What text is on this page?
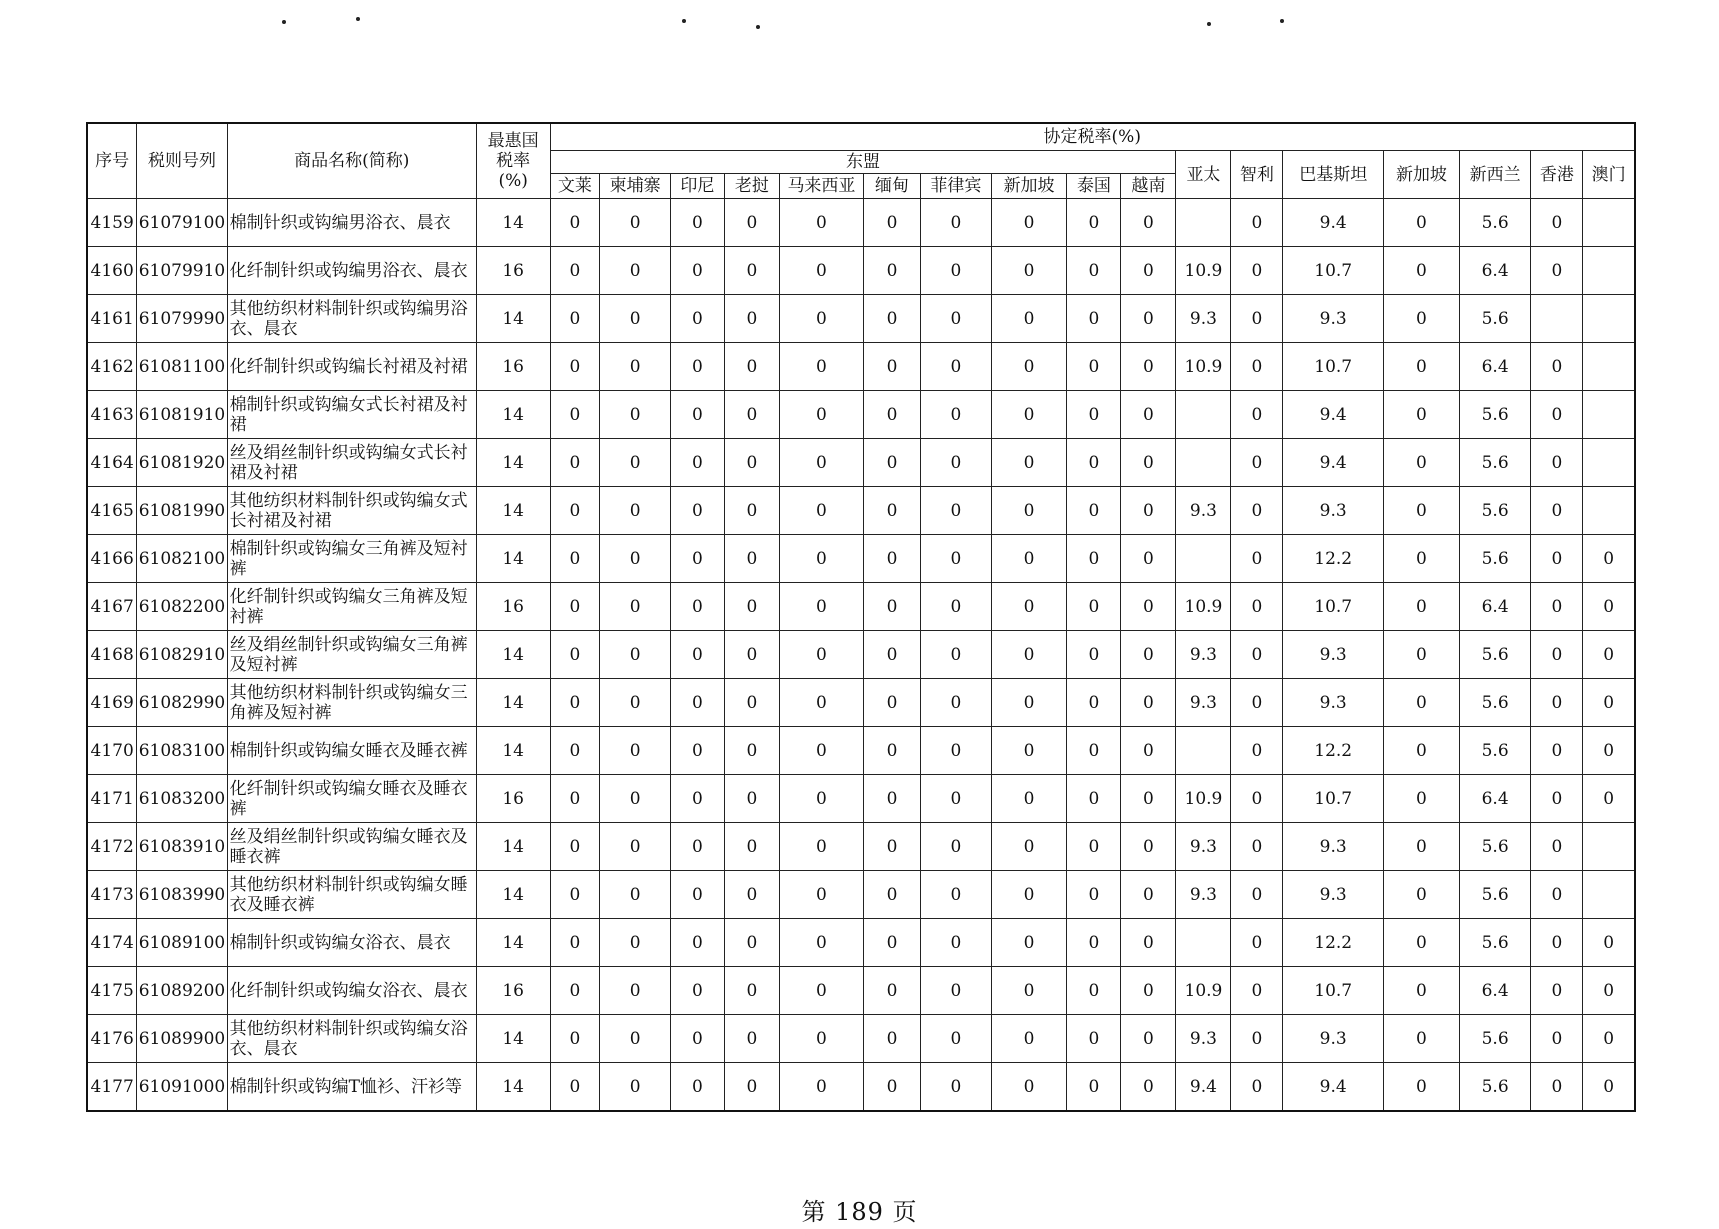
序号	税则号列	商品名称(简称)	最惠国
税率
(%)	协定税率(%)																
				东盟										亚太	智利	巴基斯坦	新加坡	新西兰	香港	澳门
				文莱	柬埔寨	印尼	老挝	马来西亚	缅甸	菲律宾	新加坡	泰国	越南							
4159	61079100	棉制针织或钩编男浴衣、晨衣	14	0	0	0	0	0	0	0	0	0	0		0	9.4	0	5.6	0	
4160	61079910	化纤制针织或钩编男浴衣、晨衣	16	0	0	0	0	0	0	0	0	0	0	10.9	0	10.7	0	6.4	0	
4161	61079990	其他纺织材料制针织或钩编男浴衣、晨衣	14	0	0	0	0	0	0	0	0	0	0	9.3	0	9.3	0	5.6		
4162	61081100	化纤制针织或钩编长衬裙及衬裙	16	0	0	0	0	0	0	0	0	0	0	10.9	0	10.7	0	6.4	0	
4163	61081910	棉制针织或钩编女式长衬裙及衬裙	14	0	0	0	0	0	0	0	0	0	0		0	9.4	0	5.6	0	
4164	61081920	丝及绢丝制针织或钩编女式长衬裙及衬裙	14	0	0	0	0	0	0	0	0	0	0		0	9.4	0	5.6	0	
4165	61081990	其他纺织材料制针织或钩编女式长衬裙及衬裙	14	0	0	0	0	0	0	0	0	0	0	9.3	0	9.3	0	5.6	0	
4166	61082100	棉制针织或钩编女三角裤及短衬裤	14	0	0	0	0	0	0	0	0	0	0		0	12.2	0	5.6	0	0
4167	61082200	化纤制针织或钩编女三角裤及短衬裤	16	0	0	0	0	0	0	0	0	0	0	10.9	0	10.7	0	6.4	0	0
4168	61082910	丝及绢丝制针织或钩编女三角裤及短衬裤	14	0	0	0	0	0	0	0	0	0	0	9.3	0	9.3	0	5.6	0	0
4169	61082990	其他纺织材料制针织或钩编女三角裤及短衬裤	14	0	0	0	0	0	0	0	0	0	0	9.3	0	9.3	0	5.6	0	0
4170	61083100	棉制针织或钩编女睡衣及睡衣裤	14	0	0	0	0	0	0	0	0	0	0		0	12.2	0	5.6	0	0
4171	61083200	化纤制针织或钩编女睡衣及睡衣裤	16	0	0	0	0	0	0	0	0	0	0	10.9	0	10.7	0	6.4	0	0
4172	61083910	丝及绢丝制针织或钩编女睡衣及睡衣裤	14	0	0	0	0	0	0	0	0	0	0	9.3	0	9.3	0	5.6	0	
4173	61083990	其他纺织材料制针织或钩编女睡衣及睡衣裤	14	0	0	0	0	0	0	0	0	0	0	9.3	0	9.3	0	5.6	0	
4174	61089100	棉制针织或钩编女浴衣、晨衣	14	0	0	0	0	0	0	0	0	0	0		0	12.2	0	5.6	0	0
4175	61089200	化纤制针织或钩编女浴衣、晨衣	16	0	0	0	0	0	0	0	0	0	0	10.9	0	10.7	0	6.4	0	0
4176	61089900	其他纺织材料制针织或钩编女浴衣、晨衣	14	0	0	0	0	0	0	0	0	0	0	9.3	0	9.3	0	5.6	0	0
4177	61091000	棉制针织或钩编T恤衫、汗衫等	14	0	0	0	0	0	0	0	0	0	0	9.4	0	9.4	0	5.6	0	0
第 189 页
